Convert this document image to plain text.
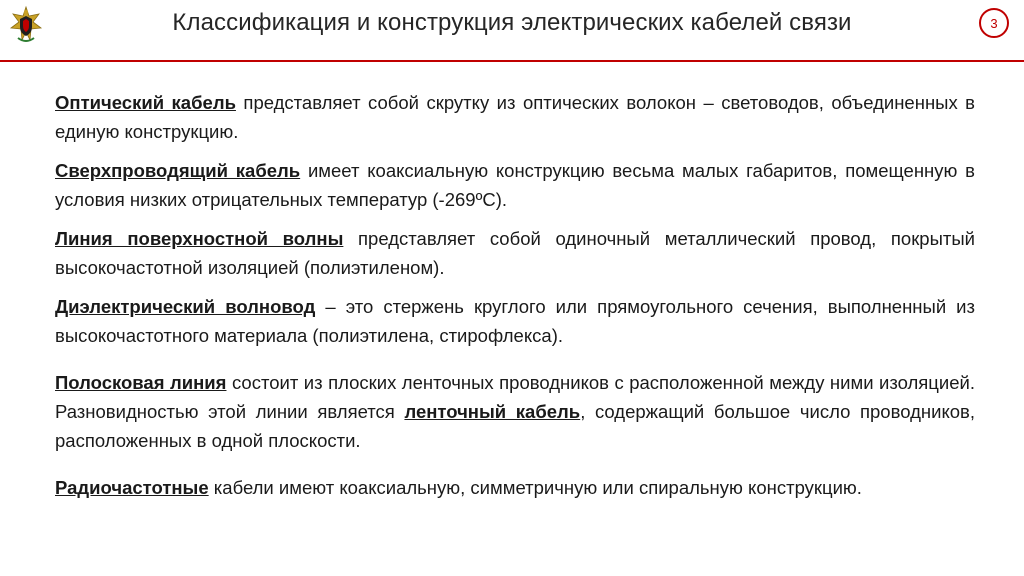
Классификация и конструкция электрических кабелей связи	3

Оптический кабель представляет собой скрутку из оптических волокон – световодов, объединенных в единую конструкцию.

Сверхпроводящий кабель имеет коаксиальную конструкцию весьма малых габаритов, помещенную в условия низких отрицательных температур (-269ºС).

Линия поверхностной волны представляет собой одиночный металлический провод, покрытый высокочастотной изоляцией (полиэтиленом).

Диэлектрический волновод – это стержень круглого или прямоугольного сечения, выполненный из высокочастотного материала (полиэтилена, стирофлекса).

Полосковая линия состоит из плоских ленточных проводников с расположенной между ними изоляцией. Разновидностью этой линии является ленточный кабель, содержащий большое число проводников, расположенных в одной плоскости.

Радиочастотные кабели имеют коаксиальную, симметричную или спиральную конструкцию.
